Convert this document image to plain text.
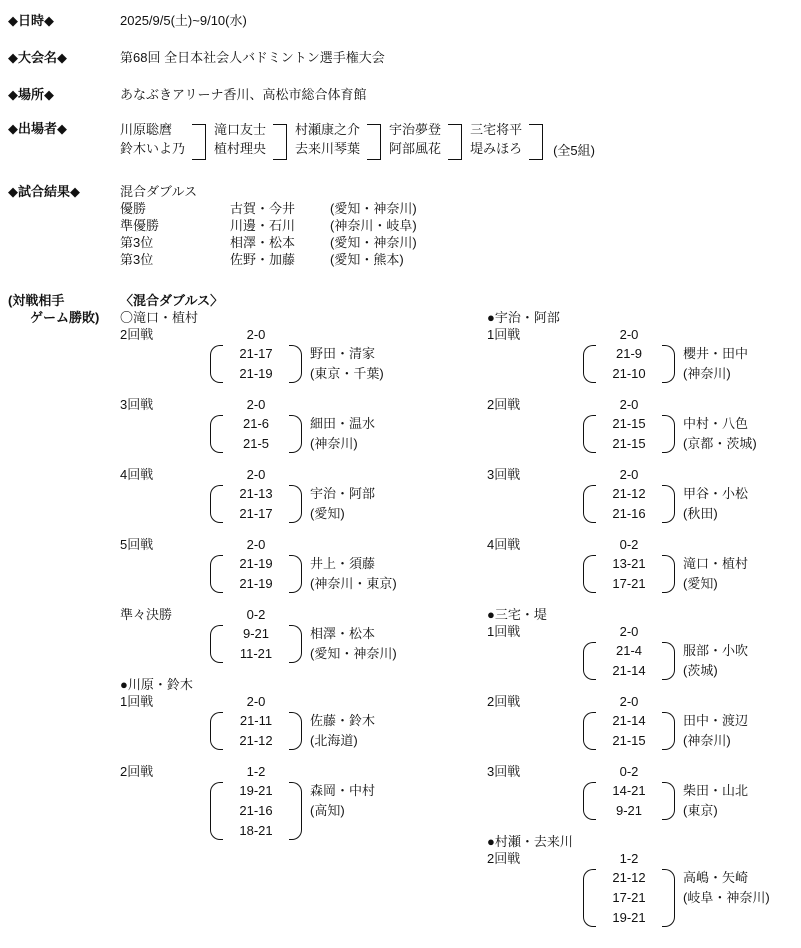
◆日時◆	2025/9/5(土)~9/10(水)
◆大会名◆	第68回 全日本社会人バドミントン選手権大会
◆場所◆	あなぶきアリーナ香川、高松市総合体育館
◆出場者◆	川原聡麿
鈴木いよ乃
滝口友士
植村理央
村瀬康之介
去来川琴葉
宇治夢登
阿部風花
三宅将平
堤みほろ (全5組)
◆試合結果◆	混合ダブルス
優勝	古賀・今井	(愛知・神奈川)
準優勝	川邊・石川	(神奈川・岐阜)
第3位	相澤・松本	(愛知・神奈川)
第3位	佐野・加藤	(愛知・熊本)
(対戦相手
ゲーム勝敗)
〈混合ダブルス〉
〇滝口・植村
2回戦	2-0
21-17
21-19
野田・清家
(東京・千葉)
3回戦	2-0
21-6
21-5
細田・温水
(神奈川)
4回戦	2-0
21-13
21-17
宇治・阿部
(愛知)
5回戦	2-0
21-19
21-19
井上・須藤
(神奈川・東京)
準々決勝	0-2
9-21
11-21
相澤・松本
(愛知・神奈川)
●川原・鈴木
1回戦	2-0
21-11
21-12
佐藤・鈴木
(北海道)
2回戦	1-2
19-21
21-16
18-21
森岡・中村
(高知)
●宇治・阿部
1回戦	2-0
21-9
21-10
櫻井・田中
(神奈川)
2回戦	2-0
21-15
21-15
中村・八色
(京都・茨城)
3回戦	2-0
21-12
21-16
甲谷・小松
(秋田)
4回戦	0-2
13-21
17-21
滝口・植村
(愛知)
●三宅・堤
1回戦	2-0
21-4
21-14
服部・小吹
(茨城)
2回戦	2-0
21-14
21-15
田中・渡辺
(神奈川)
3回戦	0-2
14-21
9-21
柴田・山北
(東京)
●村瀬・去来川
2回戦	1-2
21-12
17-21
19-21
高嶋・矢崎
(岐阜・神奈川)
